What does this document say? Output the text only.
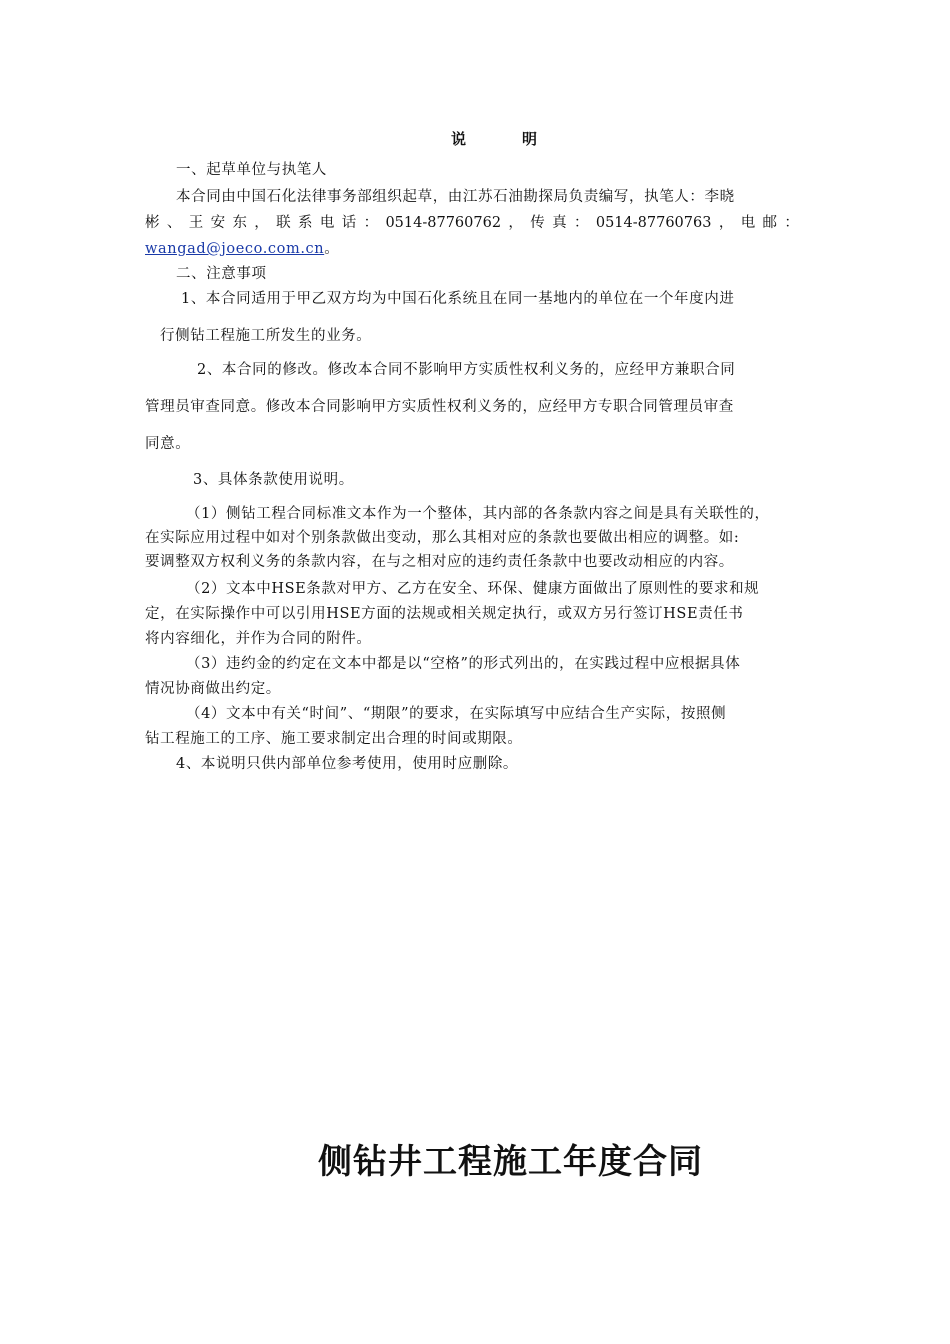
说	明
一、起草单位与执笔人
本合同由中国石化法律事务部组织起草，由江苏石油勘探局负责编写，执笔人：李晓
彬 、 王 安 东 ， 联 系 电 话 ： 0514-87760762 ， 传 真 ： 0514-87760763 ， 电 邮 ：
wangad@joeco.com.cn。
二、注意事项
1、本合同适用于甲乙双方均为中国石化系统且在同一基地内的单位在一个年度内进
行侧钻工程施工所发生的业务。
2、本合同的修改。修改本合同不影响甲方实质性权利义务的，应经甲方兼职合同
管理员审查同意。修改本合同影响甲方实质性权利义务的，应经甲方专职合同管理员审查
同意。
3、具体条款使用说明。
（1）侧钻工程合同标准文本作为一个整体，其内部的各条款内容之间是具有关联性的，
在实际应用过程中如对个别条款做出变动，那么其相对应的条款也要做出相应的调整。如:
要调整双方权利义务的条款内容，在与之相对应的违约责任条款中也要改动相应的内容。
（2）文本中HSE条款对甲方、乙方在安全、环保、健康方面做出了原则性的要求和规
定，在实际操作中可以引用HSE方面的法规或相关规定执行，或双方另行签订HSE责任书
将内容细化，并作为合同的附件。
（3）违约金的约定在文本中都是以“空格”的形式列出的，在实践过程中应根据具体
情况协商做出约定。
（4）文本中有关“时间”、“期限”的要求，在实际填写中应结合生产实际，按照侧
钻工程施工的工序、施工要求制定出合理的时间或期限。
4、本说明只供内部单位参考使用，使用时应删除。
侧钻井工程施工年度合同
